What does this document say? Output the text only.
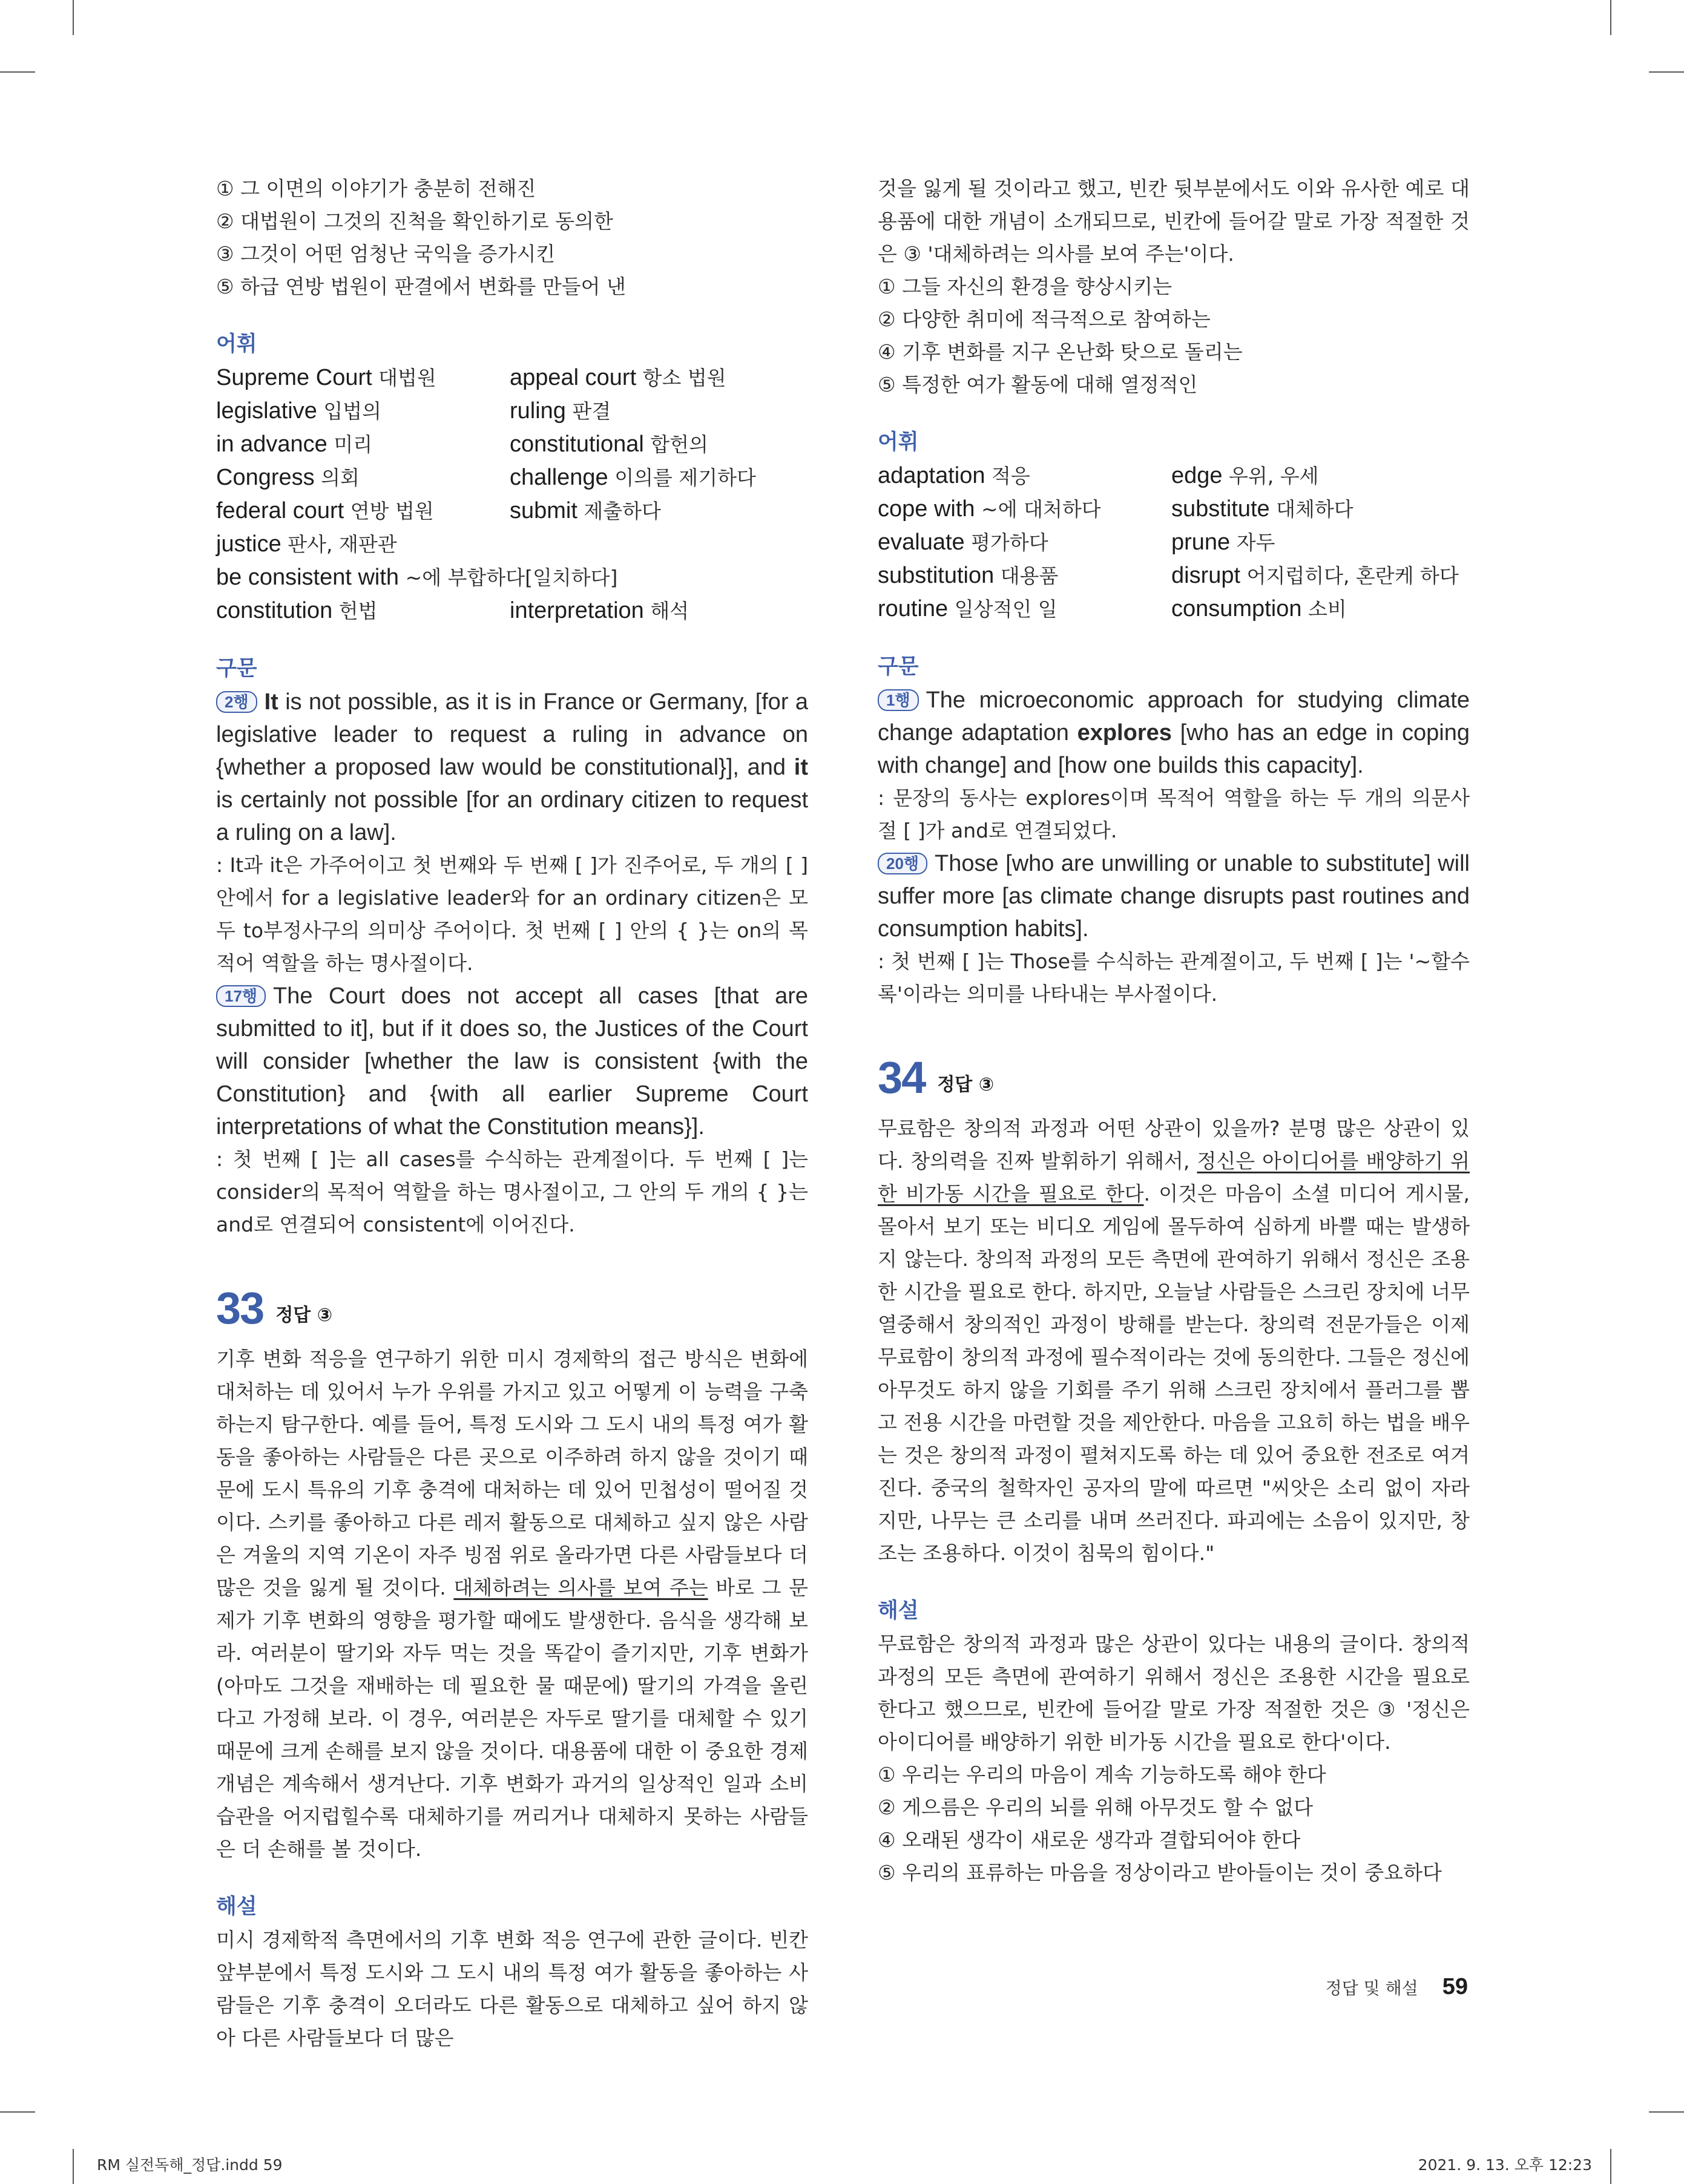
① 그 이면의 이야기가 충분히 전해진

② 대법원이 그것의 진척을 확인하기로 동의한

③ 그것이 어떤 엄청난 국익을 증가시킨

⑤ 하급 연방 법원이 판결에서 변화를 만들어 낸

어휘
Supreme Court 대법원	appeal court 항소 법원
legislative 입법의	ruling 판결
in advance 미리	constitutional 합헌의
Congress 의회	challenge 이의를 제기하다
federal court 연방 법원	submit 제출하다
justice 판사, 재판관
be consistent with ~에 부합하다[일치하다]
constitution 헌법	interpretation 해석
구문

2행 It is not possible, as it is in France or Germany, [for a legislative leader to request a ruling in advance on {whether a proposed law would be constitutional}], and it is certainly not possible [for an ordinary citizen to request a ruling on a law].

: It과 it은 가주어이고 첫 번째와 두 번째 [ ]가 진주어로, 두 개의 [ ] 안에서 for a legislative leader와 for an ordinary citizen은 모두 to부정사구의 의미상 주어이다. 첫 번째 [ ] 안의 { }는 on의 목적어 역할을 하는 명사절이다.

17행 The Court does not accept all cases [that are submitted to it], but if it does so, the Justices of the Court will consider [whether the law is consistent {with the Constitution} and {with all earlier Supreme Court interpretations of what the Constitution means}].

: 첫 번째 [ ]는 all cases를 수식하는 관계절이다. 두 번째 [ ]는 consider의 목적어 역할을 하는 명사절이고, 그 안의 두 개의 { }는 and로 연결되어 consistent에 이어진다.

33 정답 ③

기후 변화 적응을 연구하기 위한 미시 경제학의 접근 방식은 변화에 대처하는 데 있어서 누가 우위를 가지고 있고 어떻게 이 능력을 구축하는지 탐구한다. 예를 들어, 특정 도시와 그 도시 내의 특정 여가 활동을 좋아하는 사람들은 다른 곳으로 이주하려 하지 않을 것이기 때문에 도시 특유의 기후 충격에 대처하는 데 있어 민첩성이 떨어질 것이다. 스키를 좋아하고 다른 레저 활동으로 대체하고 싶지 않은 사람은 겨울의 지역 기온이 자주 빙점 위로 올라가면 다른 사람들보다 더 많은 것을 잃게 될 것이다. 대체하려는 의사를 보여 주는 바로 그 문제가 기후 변화의 영향을 평가할 때에도 발생한다. 음식을 생각해 보라. 여러분이 딸기와 자두 먹는 것을 똑같이 즐기지만, 기후 변화가 (아마도 그것을 재배하는 데 필요한 물 때문에) 딸기의 가격을 올린다고 가정해 보라. 이 경우, 여러분은 자두로 딸기를 대체할 수 있기 때문에 크게 손해를 보지 않을 것이다. 대용품에 대한 이 중요한 경제 개념은 계속해서 생겨난다. 기후 변화가 과거의 일상적인 일과 소비 습관을 어지럽힐수록 대체하기를 꺼리거나 대체하지 못하는 사람들은 더 손해를 볼 것이다.

해설

미시 경제학적 측면에서의 기후 변화 적응 연구에 관한 글이다. 빈칸 앞부분에서 특정 도시와 그 도시 내의 특정 여가 활동을 좋아하는 사람들은 기후 충격이 오더라도 다른 활동으로 대체하고 싶어 하지 않아 다른 사람들보다 더 많은

것을 잃게 될 것이라고 했고, 빈칸 뒷부분에서도 이와 유사한 예로 대용품에 대한 개념이 소개되므로, 빈칸에 들어갈 말로 가장 적절한 것은 ③ '대체하려는 의사를 보여 주는'이다.

① 그들 자신의 환경을 향상시키는

② 다양한 취미에 적극적으로 참여하는

④ 기후 변화를 지구 온난화 탓으로 돌리는

⑤ 특정한 여가 활동에 대해 열정적인

어휘
adaptation 적응	edge 우위, 우세
cope with ~에 대처하다	substitute 대체하다
evaluate 평가하다	prune 자두
substitution 대용품	disrupt 어지럽히다, 혼란케 하다
routine 일상적인 일	consumption 소비
구문

1행 The microeconomic approach for studying climate change adaptation explores [who has an edge in coping with change] and [how one builds this capacity].

: 문장의 동사는 explores이며 목적어 역할을 하는 두 개의 의문사절 [ ]가 and로 연결되었다.

20행 Those [who are unwilling or unable to substitute] will suffer more [as climate change disrupts past routines and consumption habits].

: 첫 번째 [ ]는 Those를 수식하는 관계절이고, 두 번째 [ ]는 '~할수록'이라는 의미를 나타내는 부사절이다.

34 정답 ③

무료함은 창의적 과정과 어떤 상관이 있을까? 분명 많은 상관이 있다. 창의력을 진짜 발휘하기 위해서, 정신은 아이디어를 배양하기 위한 비가동 시간을 필요로 한다. 이것은 마음이 소셜 미디어 게시물, 몰아서 보기 또는 비디오 게임에 몰두하여 심하게 바쁠 때는 발생하지 않는다. 창의적 과정의 모든 측면에 관여하기 위해서 정신은 조용한 시간을 필요로 한다. 하지만, 오늘날 사람들은 스크린 장치에 너무 열중해서 창의적인 과정이 방해를 받는다. 창의력 전문가들은 이제 무료함이 창의적 과정에 필수적이라는 것에 동의한다. 그들은 정신에 아무것도 하지 않을 기회를 주기 위해 스크린 장치에서 플러그를 뽑고 전용 시간을 마련할 것을 제안한다. 마음을 고요히 하는 법을 배우는 것은 창의적 과정이 펼쳐지도록 하는 데 있어 중요한 전조로 여겨진다. 중국의 철학자인 공자의 말에 따르면 "씨앗은 소리 없이 자라지만, 나무는 큰 소리를 내며 쓰러진다. 파괴에는 소음이 있지만, 창조는 조용하다. 이것이 침묵의 힘이다."

해설

무료함은 창의적 과정과 많은 상관이 있다는 내용의 글이다. 창의적 과정의 모든 측면에 관여하기 위해서 정신은 조용한 시간을 필요로 한다고 했으므로, 빈칸에 들어갈 말로 가장 적절한 것은 ③ '정신은 아이디어를 배양하기 위한 비가동 시간을 필요로 한다'이다.

① 우리는 우리의 마음이 계속 기능하도록 해야 한다

② 게으름은 우리의 뇌를 위해 아무것도 할 수 없다

④ 오래된 생각이 새로운 생각과 결합되어야 한다

⑤ 우리의 표류하는 마음을 정상이라고 받아들이는 것이 중요하다

정답 및 해설 59
RM 실전독해_정답.indd 59	2021. 9. 13. 오후 12:23
